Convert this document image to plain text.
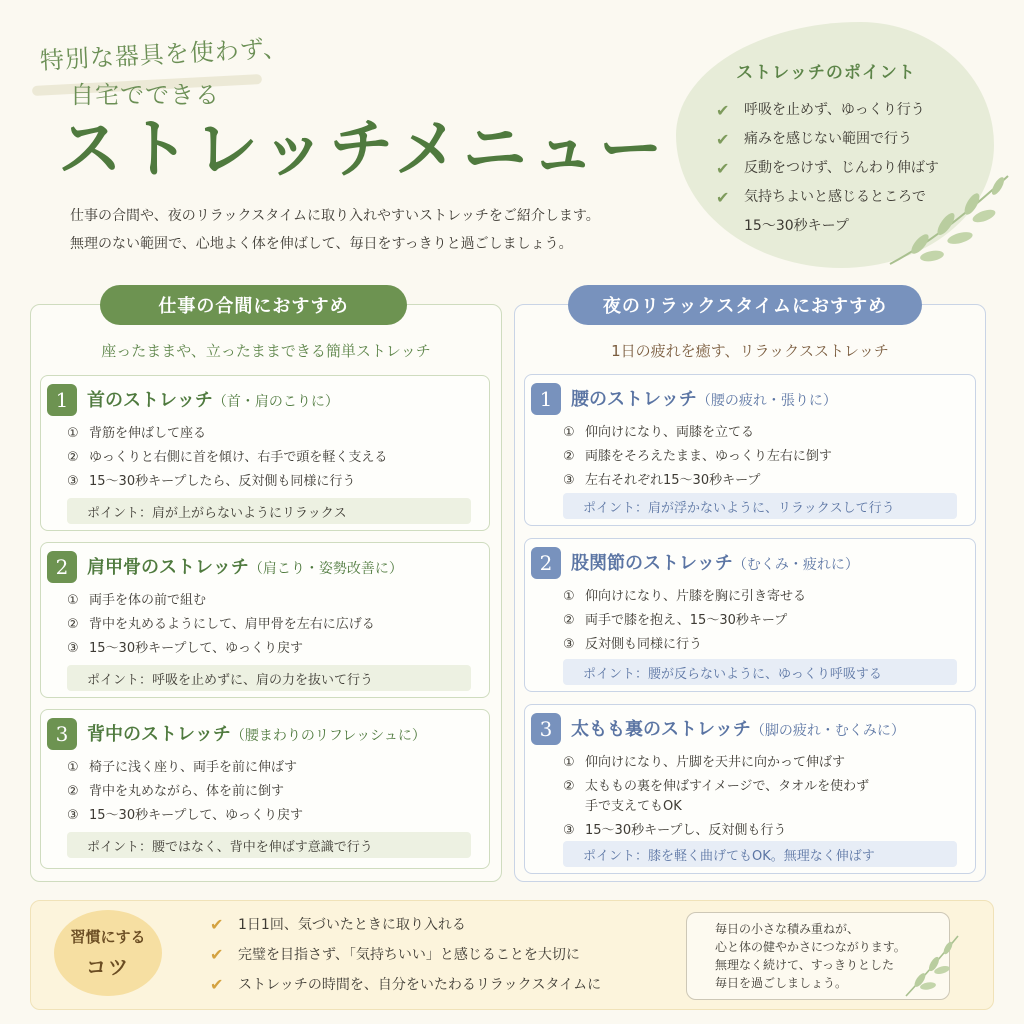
特別な器具を使わず、
自宅でできる
ストレッチメニュー

仕事の合間や、夜のリラックスタイムに取り入れやすいストレッチをご紹介します。

無理のない範囲で、心地よく体を伸ばして、毎日をすっきりと過ごしましょう。

ストレッチのポイント
✔	呼吸を止めず、ゆっくり行う
✔	痛みを感じない範囲で行う
✔	反動をつけず、じんわり伸ばす
✔	気持ちよいと感じるところで
15〜30秒キープ
仕事の合間におすすめ
座ったままや、立ったままできる簡単ストレッチ
1	首のストレッチ（首・肩のこりに）
① 背筋を伸ばして座る
② ゆっくりと右側に首を傾け、右手で頭を軽く支える
③ 15〜30秒キープしたら、反対側も同様に行う
ポイント：肩が上がらないようにリラックス
2	肩甲骨のストレッチ（肩こり・姿勢改善に）
① 両手を体の前で組む
② 背中を丸めるようにして、肩甲骨を左右に広げる
③ 15〜30秒キープして、ゆっくり戻す
ポイント：呼吸を止めずに、肩の力を抜いて行う
3	背中のストレッチ（腰まわりのリフレッシュに）
① 椅子に浅く座り、両手を前に伸ばす
② 背中を丸めながら、体を前に倒す
③ 15〜30秒キープして、ゆっくり戻す
ポイント：腰ではなく、背中を伸ばす意識で行う
夜のリラックスタイムにおすすめ
1日の疲れを癒す、リラックスストレッチ
1	腰のストレッチ（腰の疲れ・張りに）
① 仰向けになり、両膝を立てる
② 両膝をそろえたまま、ゆっくり左右に倒す
③ 左右それぞれ15〜30秒キープ
ポイント：肩が浮かないように、リラックスして行う
2	股関節のストレッチ（むくみ・疲れに）
① 仰向けになり、片膝を胸に引き寄せる
② 両手で膝を抱え、15〜30秒キープ
③ 反対側も同様に行う
ポイント：腰が反らないように、ゆっくり呼吸する
3	太もも裏のストレッチ（脚の疲れ・むくみに）
① 仰向けになり、片脚を天井に向かって伸ばす
② 太ももの裏を伸ばすイメージで、タオルを使わず
手で支えてもOK
③ 15〜30秒キープし、反対側も行う
ポイント：膝を軽く曲げてもOK。無理なく伸ばす
習慣にする
コツ
✔	1日1回、気づいたときに取り入れる
✔	完璧を目指さず、「気持ちいい」と感じることを大切に
✔	ストレッチの時間を、自分をいたわるリラックスタイムに

毎日の小さな積み重ねが、

心と体の健やかさにつながります。

無理なく続けて、すっきりとした

毎日を過ごしましょう。
